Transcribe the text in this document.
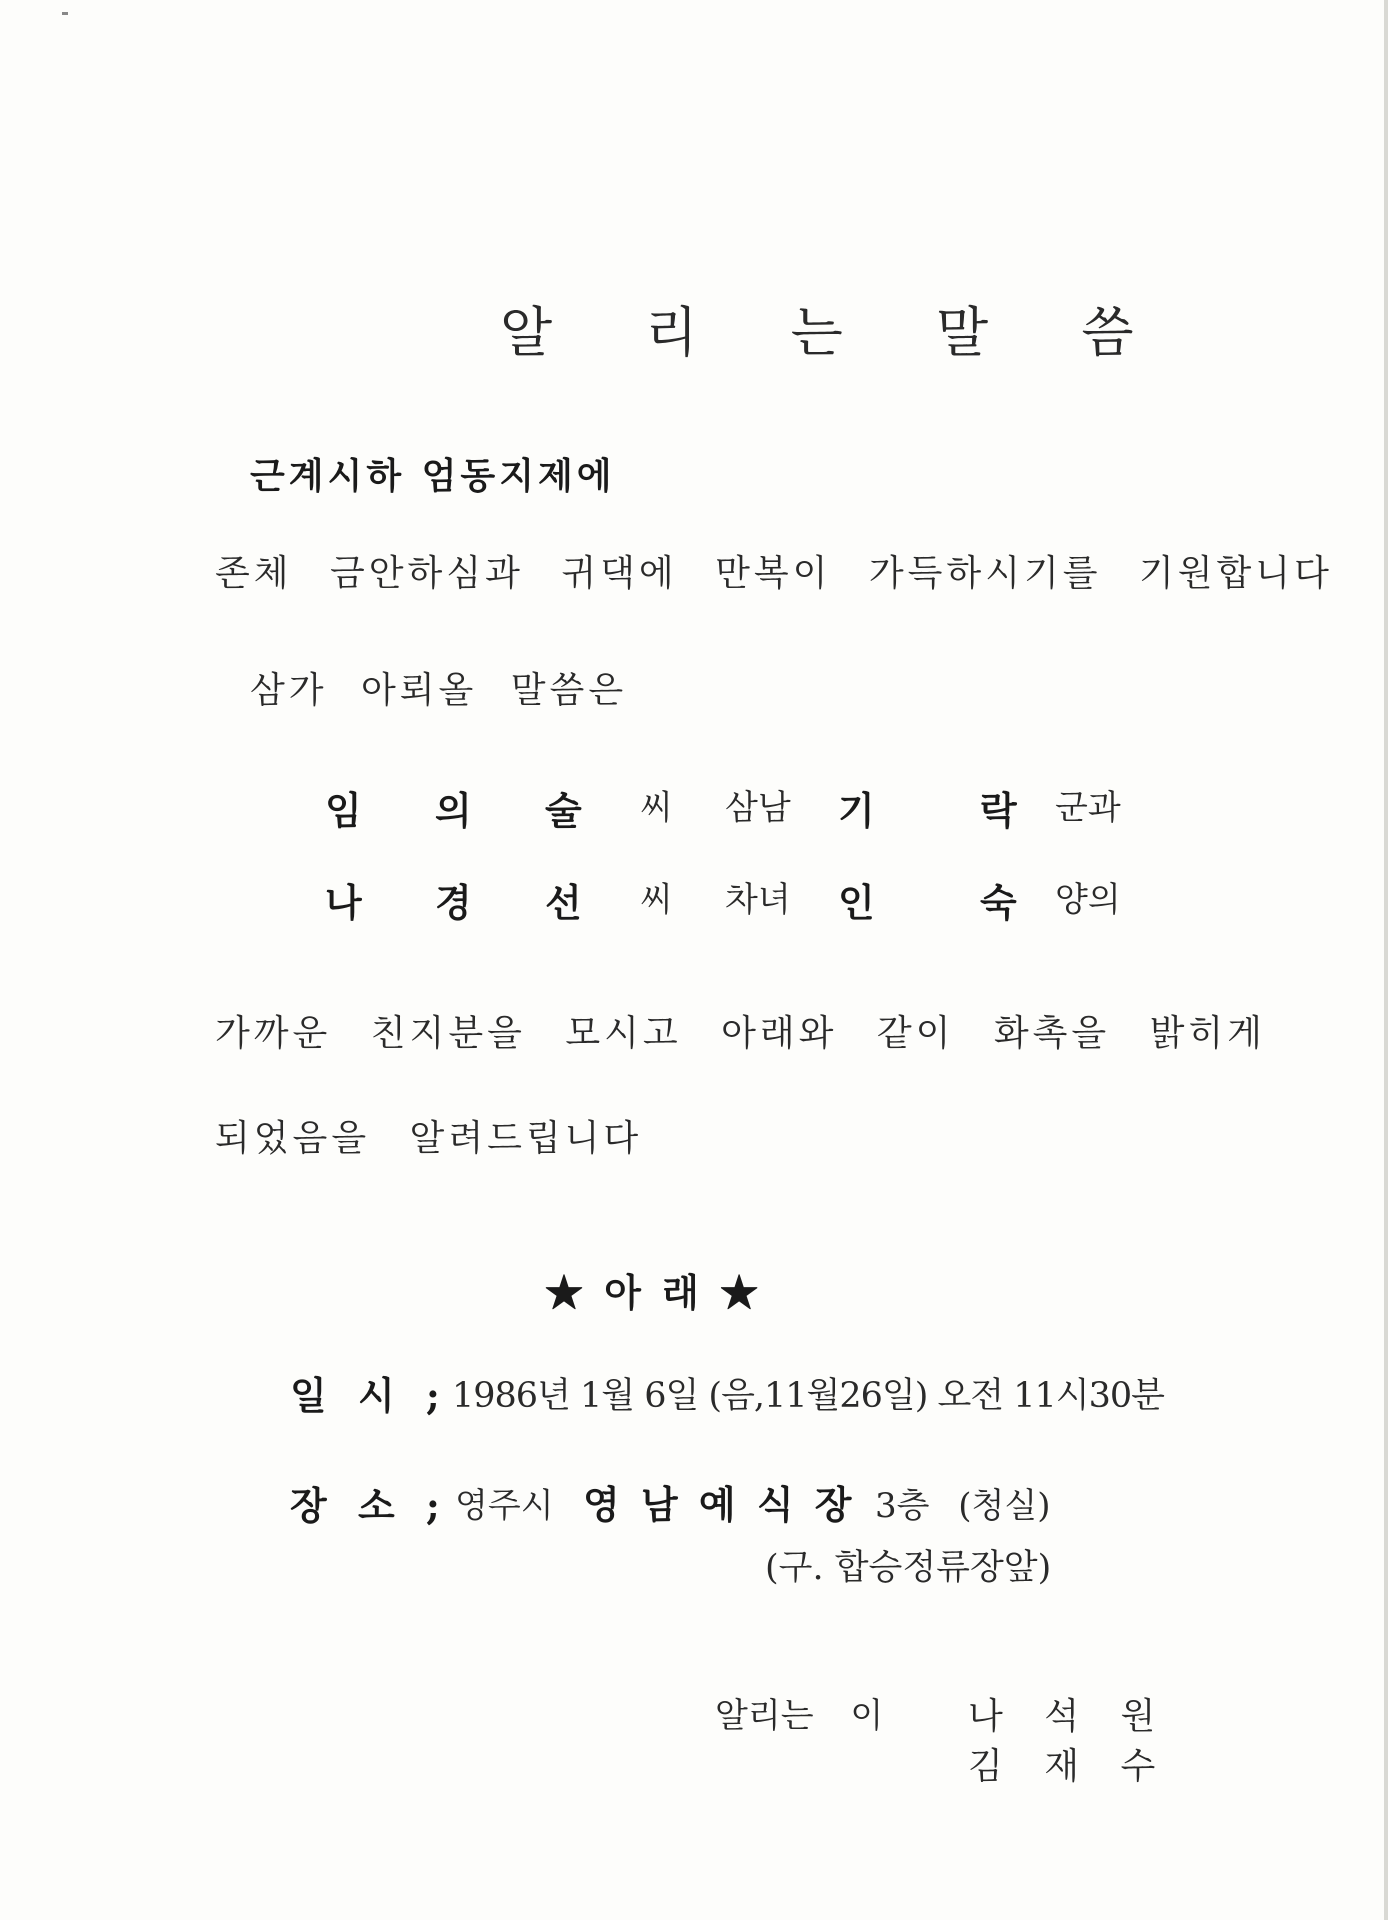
알 리 는 말 씀
근계시하 엄동지제에
존체 금안하심과 귀댁에 만복이 가득하시기를 기원합니다
삼가 아뢰올 말씀은
임 의 술 씨 삼남 기	락 군과
나 경 선 씨 차녀 인	숙 양의
가까운 친지분을 모시고 아래와 같이 화촉을 밝히게
되었음을 알려드립니다
★ 아 래 ★
일 시 ; 1986년 1월 6일 (음,11월26일) 오전 11시30분
장 소 ; 영주시 영 남 예 식 장 3층 (청실)
(구. 합승정류장앞)
알리는 이 나 석 원
김 재 수
